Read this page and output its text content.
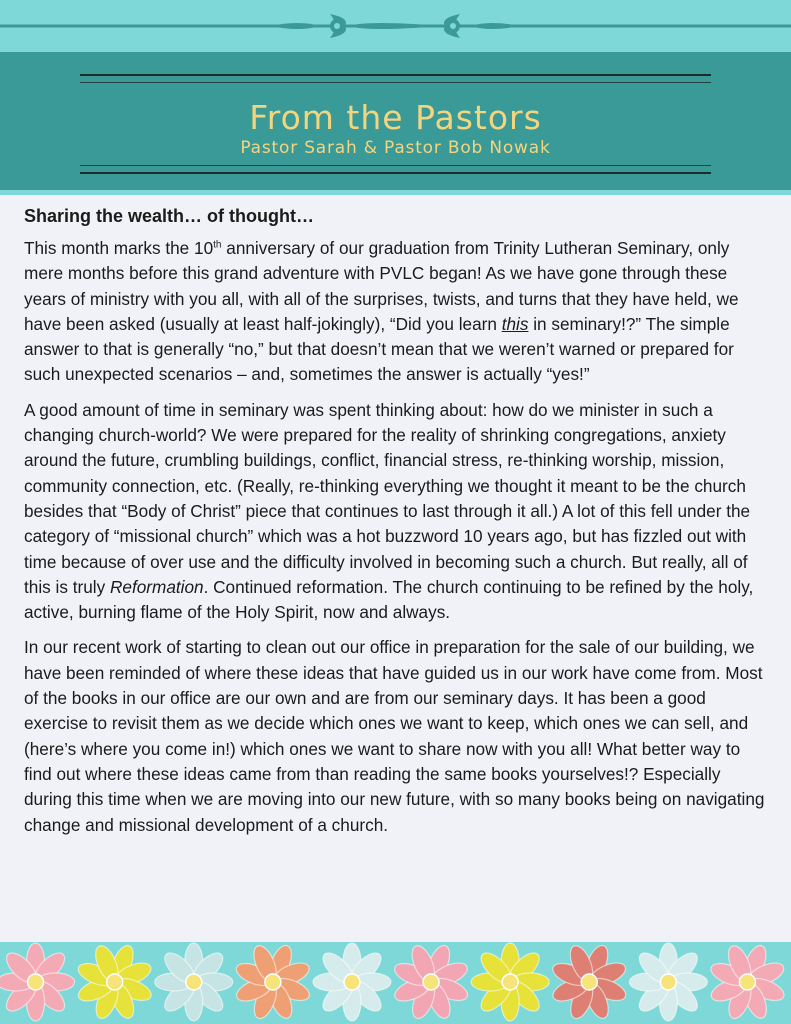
From the Pastors
Pastor Sarah & Pastor Bob Nowak
Sharing the wealth… of thought…

This month marks the 10th anniversary of our graduation from Trinity Lutheran Seminary, only mere months before this grand adventure with PVLC began! As we have gone through these years of ministry with you all, with all of the surprises, twists, and turns that they have held, we have been asked (usually at least half-jokingly), “Did you learn this in seminary!?” The simple answer to that is generally “no,” but that doesn’t mean that we weren’t warned or prepared for such unexpected scenarios – and, sometimes the answer is actually “yes!”

A good amount of time in seminary was spent thinking about: how do we minister in such a changing church-world? We were prepared for the reality of shrinking congregations, anxiety around the future, crumbling buildings, conflict, financial stress, re-thinking worship, mission, community connection, etc. (Really, re-thinking everything we thought it meant to be the church besides that “Body of Christ” piece that continues to last through it all.) A lot of this fell under the category of “missional church” which was a hot buzzword 10 years ago, but has fizzled out with time because of over use and the difficulty involved in becoming such a church. But really, all of this is truly Reformation. Continued reformation. The church continuing to be refined by the holy, active, burning flame of the Holy Spirit, now and always.

In our recent work of starting to clean out our office in preparation for the sale of our building, we have been reminded of where these ideas that have guided us in our work have come from. Most of the books in our office are our own and are from our seminary days. It has been a good exercise to revisit them as we decide which ones we want to keep, which ones we can sell, and (here’s where you come in!) which ones we want to share now with you all! What better way to find out where these ideas came from than reading the same books yourselves!? Especially during this time when we are moving into our new future, with so many books being on navigating change and missional development of a church.
